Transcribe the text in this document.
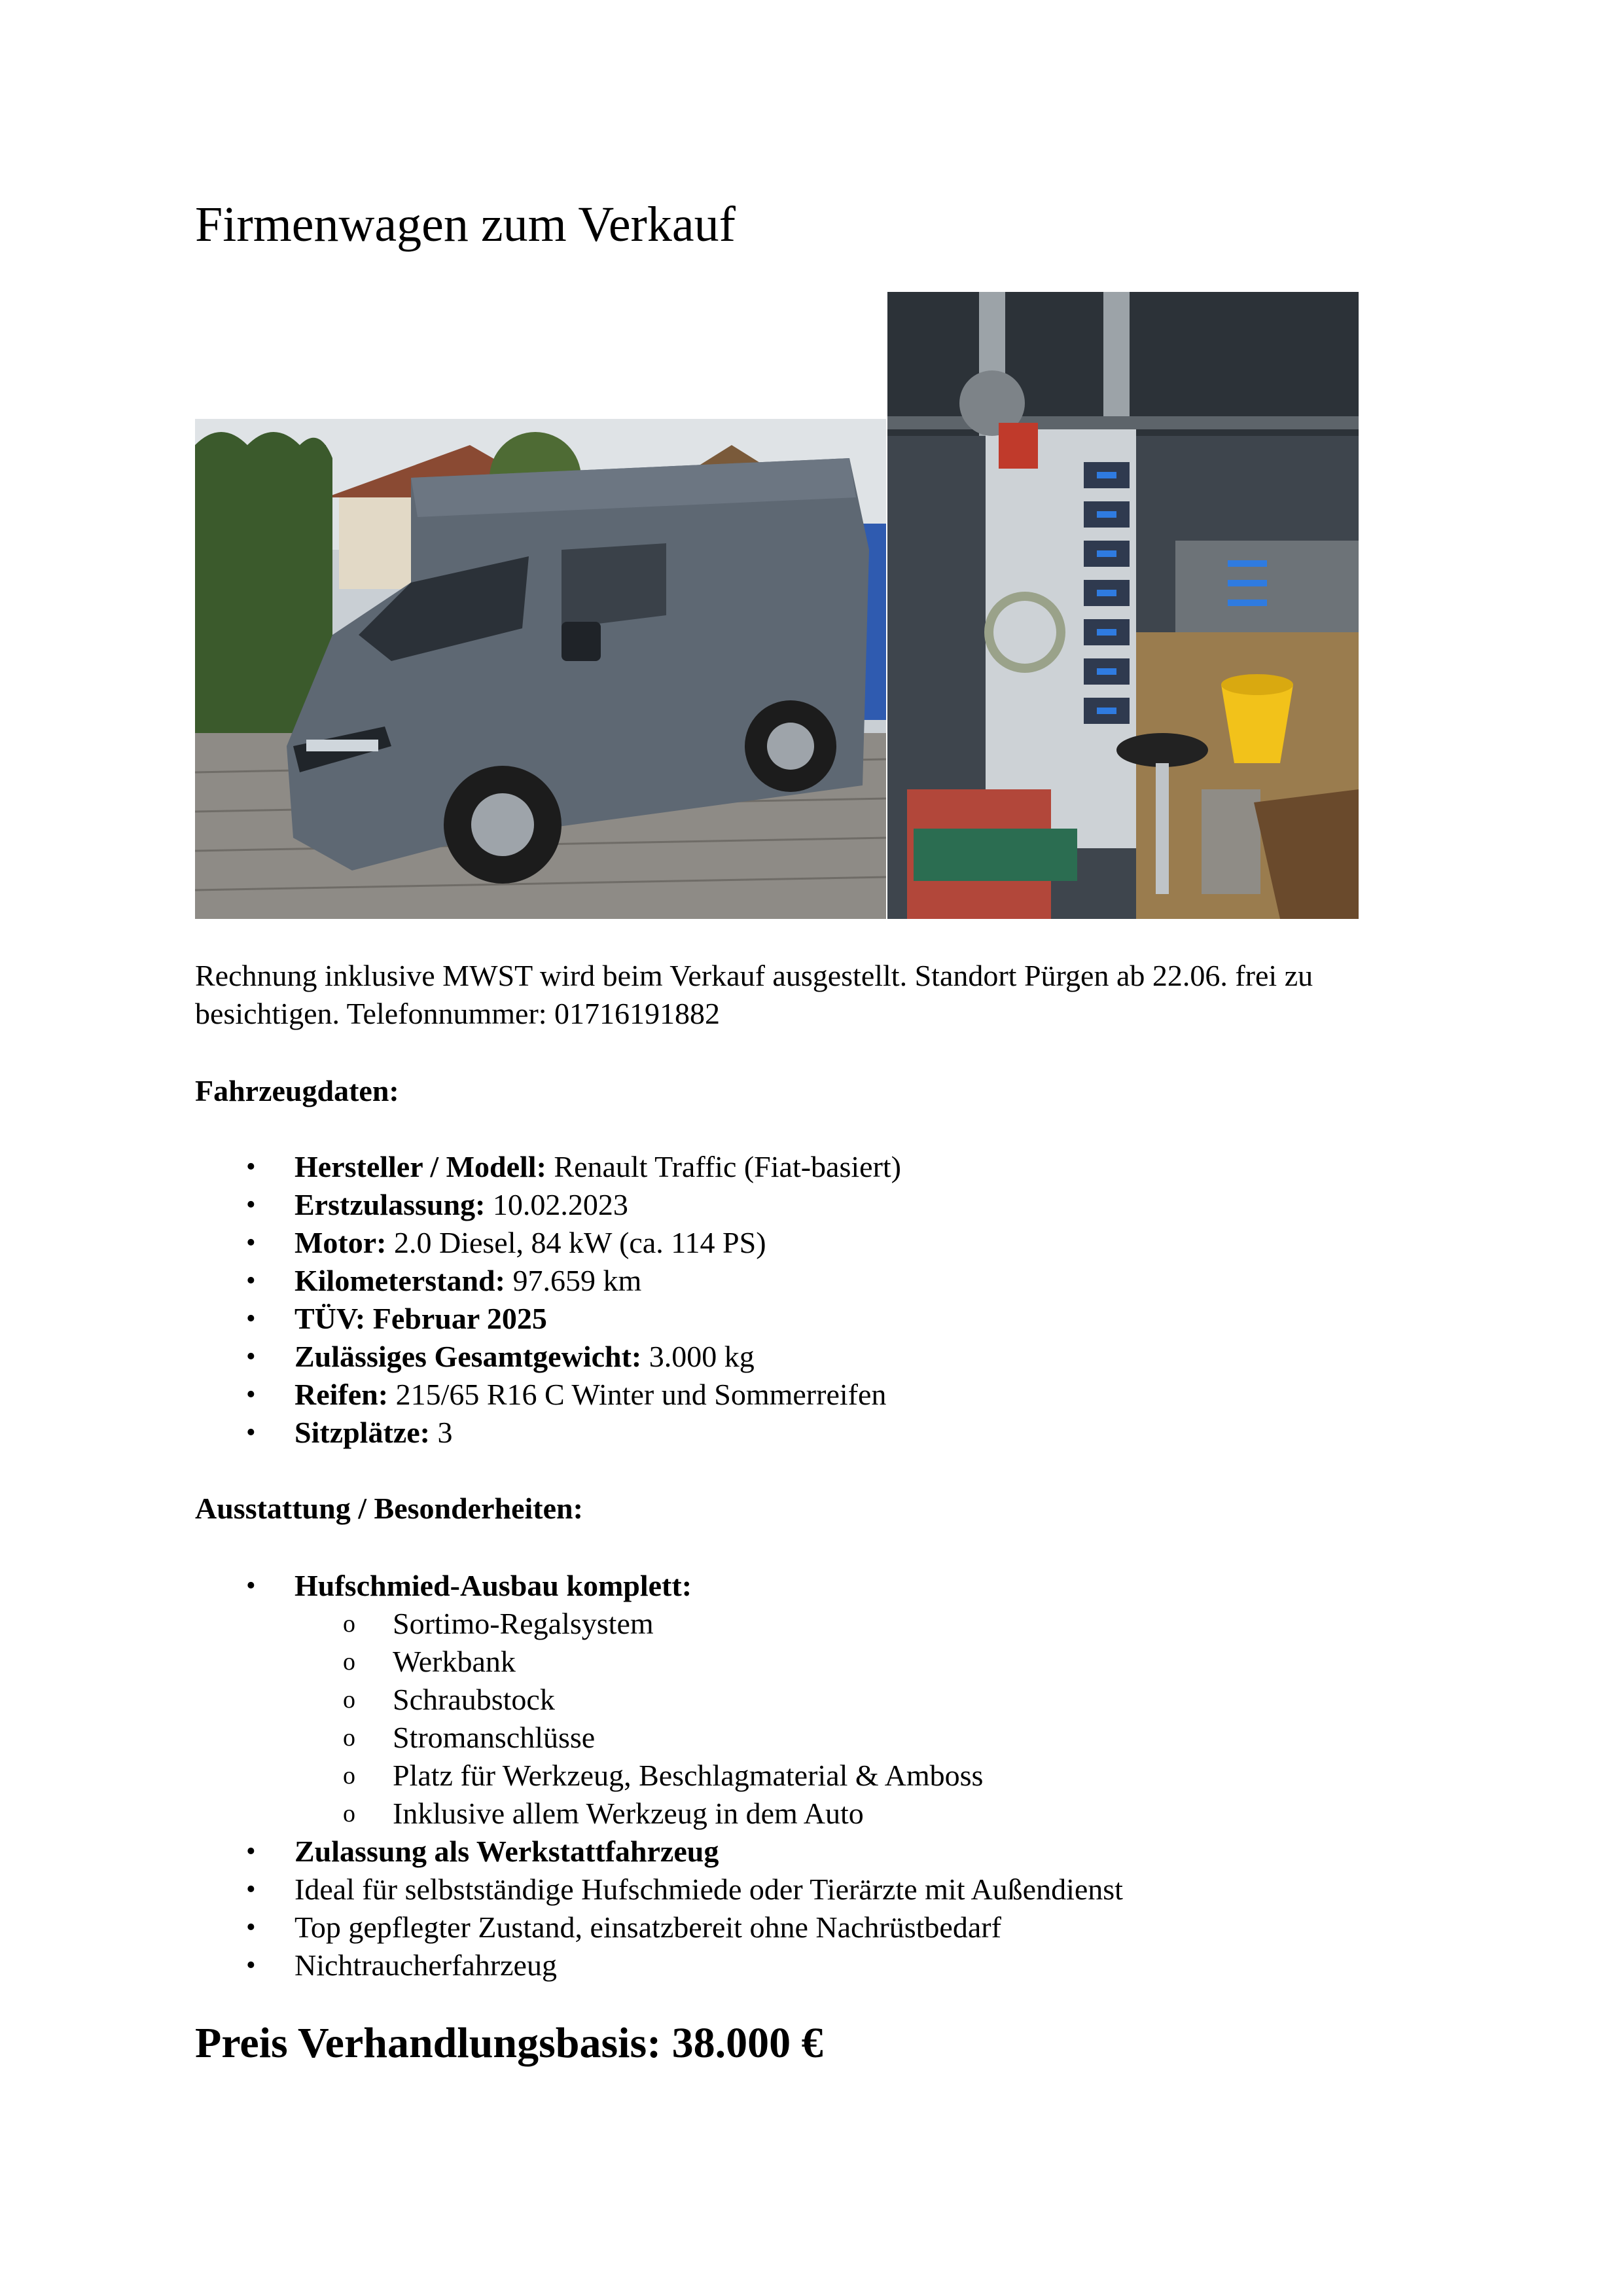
Firmenwagen zum Verkauf

Rechnung inklusive MWST wird beim Verkauf ausgestellt. Standort Pürgen ab 22.06. frei zu besichtigen. Telefonnummer: 01716191882

Fahrzeugdaten:

• Hersteller / Modell: Renault Traffic (Fiat-basiert)
• Erstzulassung: 10.02.2023
• Motor: 2.0 Diesel, 84 kW (ca. 114 PS)
• Kilometerstand: 97.659 km
• TÜV: Februar 2025
• Zulässiges Gesamtgewicht: 3.000 kg
• Reifen: 215/65 R16 C Winter und Sommerreifen
• Sitzplätze: 3

Ausstattung / Besonderheiten:

• Hufschmied-Ausbau komplett:
o Sortimo-Regalsystem
o Werkbank
o Schraubstock
o Stromanschlüsse
o Platz für Werkzeug, Beschlagmaterial & Amboss
o Inklusive allem Werkzeug in dem Auto
• Zulassung als Werkstattfahrzeug
• Ideal für selbstständige Hufschmiede oder Tierärzte mit Außendienst
• Top gepflegter Zustand, einsatzbereit ohne Nachrüstbedarf
• Nichtraucherfahrzeug

Preis Verhandlungsbasis: 38.000 €
